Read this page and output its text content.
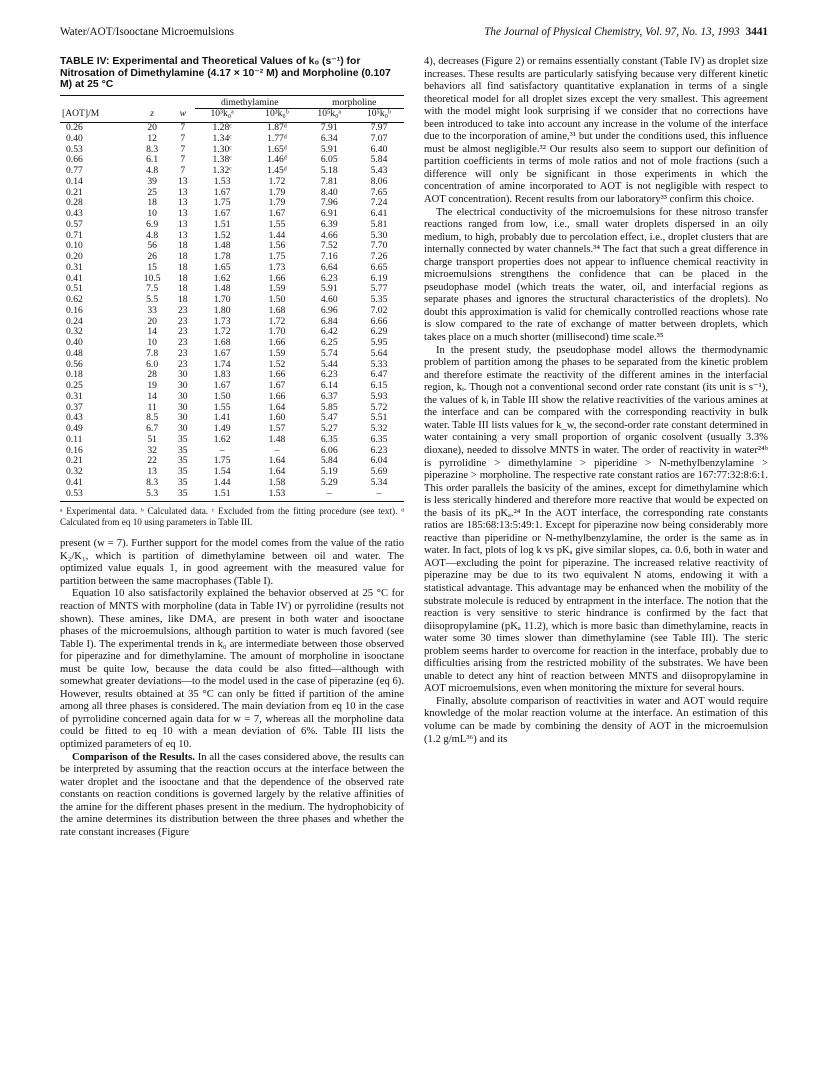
Water/AOT/Isooctane Microemulsions	The Journal of Physical Chemistry, Vol. 97, No. 13, 1993 3441
TABLE IV: Experimental and Theoretical Values of k₀ (s⁻¹) for Nitrosation of Dimethylamine (4.17 × 10⁻² M) and Morpholine (0.107 M) at 25 °C
			dimethylamine		morpholine	
[AOT]/M	z	w	10³k₀ᵃ	10³k₀ᵇ	10⁵k₀ᵃ	10⁵k₀ᵇ
0.26	20	7	1.28ᶜ	1.87ᵈ	7.91	7.97
0.40	12	7	1.34ᶜ	1.77ᵈ	6.34	7.07
0.53	8.3	7	1.30ᶜ	1.65ᵈ	5.91	6.40
0.66	6.1	7	1.38ᶜ	1.46ᵈ	6.05	5.84
0.77	4.8	7	1.32ᶜ	1.45ᵈ	5.18	5.43
0.14	39	13	1.53	1.72	7.81	8.06
0.21	25	13	1.67	1.79	8.40	7.65
0.28	18	13	1.75	1.79	7.96	7.24
0.43	10	13	1.67	1.67	6.91	6.41
0.57	6.9	13	1.51	1.55	6.39	5.81
0.71	4.8	13	1.52	1.44	4.66	5.30
0.10	56	18	1.48	1.56	7.52	7.70
0.20	26	18	1.78	1.75	7.16	7.26
0.31	15	18	1.65	1.73	6.64	6.65
0.41	10.5	18	1.62	1.66	6.23	6.19
0.51	7.5	18	1.48	1.59	5.91	5.77
0.62	5.5	18	1.70	1.50	4.60	5.35
0.16	33	23	1.80	1.68	6.96	7.02
0.24	20	23	1.73	1.72	6.84	6.66
0.32	14	23	1.72	1.70	6.42	6.29
0.40	10	23	1.68	1.66	6.25	5.95
0.48	7.8	23	1.67	1.59	5.74	5.64
0.56	6.0	23	1.74	1.52	5.44	5.33
0.18	28	30	1.83	1.66	6.23	6.47
0.25	19	30	1.67	1.67	6.14	6.15
0.31	14	30	1.50	1.66	6.37	5.93
0.37	11	30	1.55	1.64	5.85	5.72
0.43	8.5	30	1.41	1.60	5.47	5.51
0.49	6.7	30	1.49	1.57	5.27	5.32
0.11	51	35	1.62	1.48	6.35	6.35
0.16	32	35	–	–	6.06	6.23
0.21	22	35	1.75	1.64	5.84	6.04
0.32	13	35	1.54	1.64	5.19	5.69
0.41	8.3	35	1.44	1.58	5.29	5.34
0.53	5.3	35	1.51	1.53	–	–
ᵃ Experimental data. ᵇ Calculated data. ᶜ Excluded from the fitting procedure (see text). ᵈ Calculated from eq 10 using parameters in Table III.

present (w = 7). Further support for the model comes from the value of the ratio K₂/K₁, which is partition of dimethylamine between oil and water. The optimized value equals 1, in good agreement with the measured value for partition between the same macrophases (Table I).

Equation 10 also satisfactorily explained the behavior observed at 25 °C for reaction of MNTS with morpholine (data in Table IV) or pyrrolidine (results not shown). These amines, like DMA, are present in both water and isooctane phases of the microemulsions, although partition to water is much favored (see Table I). The experimental trends in k₀ are intermediate between those observed for piperazine and for dimethylamine. The amount of morpholine in isooctane must be quite low, because the data could be also fitted—although with somewhat greater deviations—to the model used in the case of piperazine (eq 6). However, results obtained at 35 °C can only be fitted if partition of the amine among all three phases is considered. The main deviation from eq 10 in the case of pyrrolidine concerned again data for w = 7, whereas all the morpholine data could be fitted to eq 10 with a mean deviation of 6%. Table III lists the optimized parameters of eq 10.

Comparison of the Results. In all the cases considered above, the results can be interpreted by assuming that the reaction occurs at the interface between the water droplet and the isooctane and that the dependence of the observed rate constants on reaction conditions is governed largely by the relative affinities of the amine for the different phases present in the medium. The hydrophobicity of the amine determines its distribution between the three phases and whether the rate constant increases (Figure

4), decreases (Figure 2) or remains essentially constant (Table IV) as droplet size increases. These results are particularly satisfying because very different kinetic behaviors all find satisfactory quantitative explanation in terms of a single theoretical model for all droplet sizes except the very smallest. This agreement with the model might look surprising if we consider that no corrections have been introduced to take into account any increase in the volume of the interface due to the incorporation of amine,³¹ but under the conditions used, this influence must be almost negligible.³² Our results also seem to support our definition of partition coefficients in terms of mole ratios and not of mole fractions (such a difference will only be significant in those experiments in which the concentration of amine incorporated to AOT is not negligible with respect to AOT concentration). Recent results from our laboratory³³ confirm this choice.

The electrical conductivity of the microemulsions for these nitroso transfer reactions ranged from low, i.e., small water droplets dispersed in an oily medium, to high, probably due to percolation effect, i.e., droplet clusters that are internally connected by water channels.³⁴ The fact that such a great difference in charge transport properties does not appear to influence chemical reactivity in microemulsions strengthens the confidence that can be placed in the pseudophase model (which treats the water, oil, and interfacial regions as separate phases and ignores the structural characteristics of the droplets). No doubt this approximation is valid for chemically controlled reactions whose rate is slow compared to the rate of exchange of matter between droplets, which takes place on a much shorter (millisecond) time scale.³⁵

In the present study, the pseudophase model allows the thermodynamic problem of partition among the phases to be separated from the kinetic problem and therefore estimate the reactivity of the different amines in the interfacial region, kᵢ. Though not a conventional second order rate constant (its unit is s⁻¹), the values of kᵢ in Table III show the relative reactivities of the various amines at the interface and can be compared with the corresponding reactivity in bulk water. Table III lists values for k_w, the second-order rate constant determined in water containing a very small proportion of organic cosolvent (usually 3.3% dioxane), needed to dissolve MNTS in water. The order of reactivity in water²⁴ᵇ is pyrrolidine > dimethylamine > piperidine > N-methylbenzylamine > piperazine > morpholine. The respective rate constant ratios are 167:77:32:8:6:1. This order parallels the basicity of the amines, except for dimethylamine which is less sterically hindered and therefore more reactive that would be expected on the basis of its pKₐ.²⁴ In the AOT interface, the corresponding rate constants ratios are 185:68:13:5:49:1. Except for piperazine now being considerably more reactive than piperidine or N-methylbenzylamine, the order is the same as in water. In fact, plots of log k vs pKₐ give similar slopes, ca. 0.6, both in water and AOT—excluding the point for piperazine. The increased relative reactivity of piperazine may be due to its two equivalent N atoms, endowing it with a statistical advantage. This advantage may be enhanced when the mobility of the substrate molecule is reduced by entrapment in the interface. The notion that the reaction is very sensitive to steric hindrance is confirmed by the fact that diisopropylamine (pKₐ 11.2), which is more basic than dimethylamine, reacts in water some 30 times slower than dimethylamine (see Table III). The steric problem seems harder to overcome for reaction in the interface, probably due to difficulties arising from the restricted mobility of the substrates. We have been unable to detect any hint of reaction between MNTS and diisopropylamine in AOT microemulsions, even when monitoring the mixture for several hours.

Finally, absolute comparison of reactivities in water and AOT would require knowledge of the molar reaction volume at the interface. An estimation of this volume can be made by combining the density of AOT in the microemulsion (1.2 g/mL³⁶) and its
